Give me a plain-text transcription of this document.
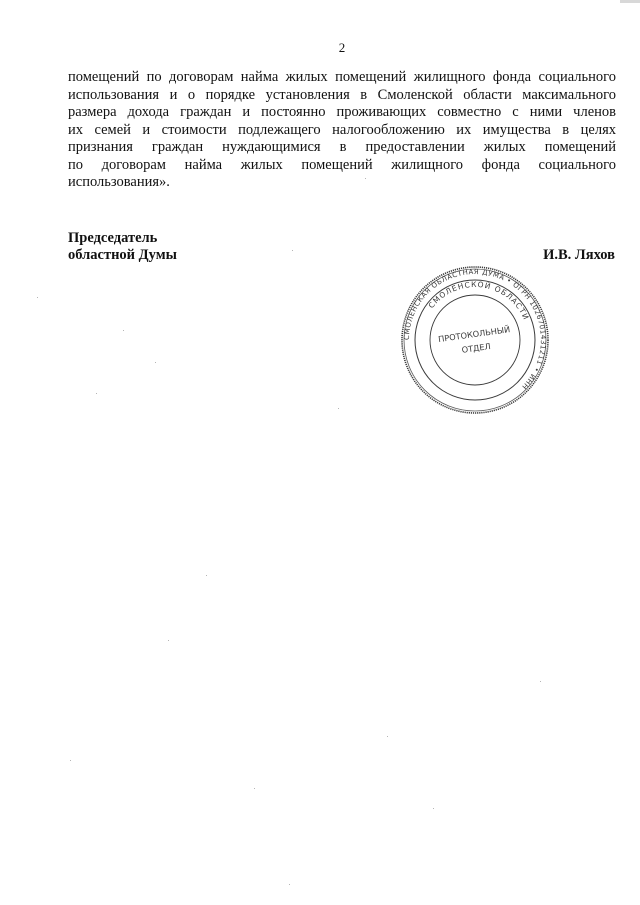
2

помещений по договорам найма жилых помещений жилищного фонда социального
использования и о порядке установления в Смоленской области максимального
размера дохода граждан и постоянно проживающих совместно с ними членов
их семей и стоимости подлежащего налогообложению их имущества в целях
признания граждан нуждающимися в предоставлении жилых помещений
по договорам найма жилых помещений жилищного фонда социального
использования».

Председатель
областной Думы	И.В. Ляхов
СМОЛЕНСКАЯ ОБЛАСТНАЯ ДУМА • ОГРН 1026701431211 • ИНН
СМОЛЕНСКОЙ ОБЛАСТИ
ПРОТОКОЛЬНЫЙ
ОТДЕЛ
